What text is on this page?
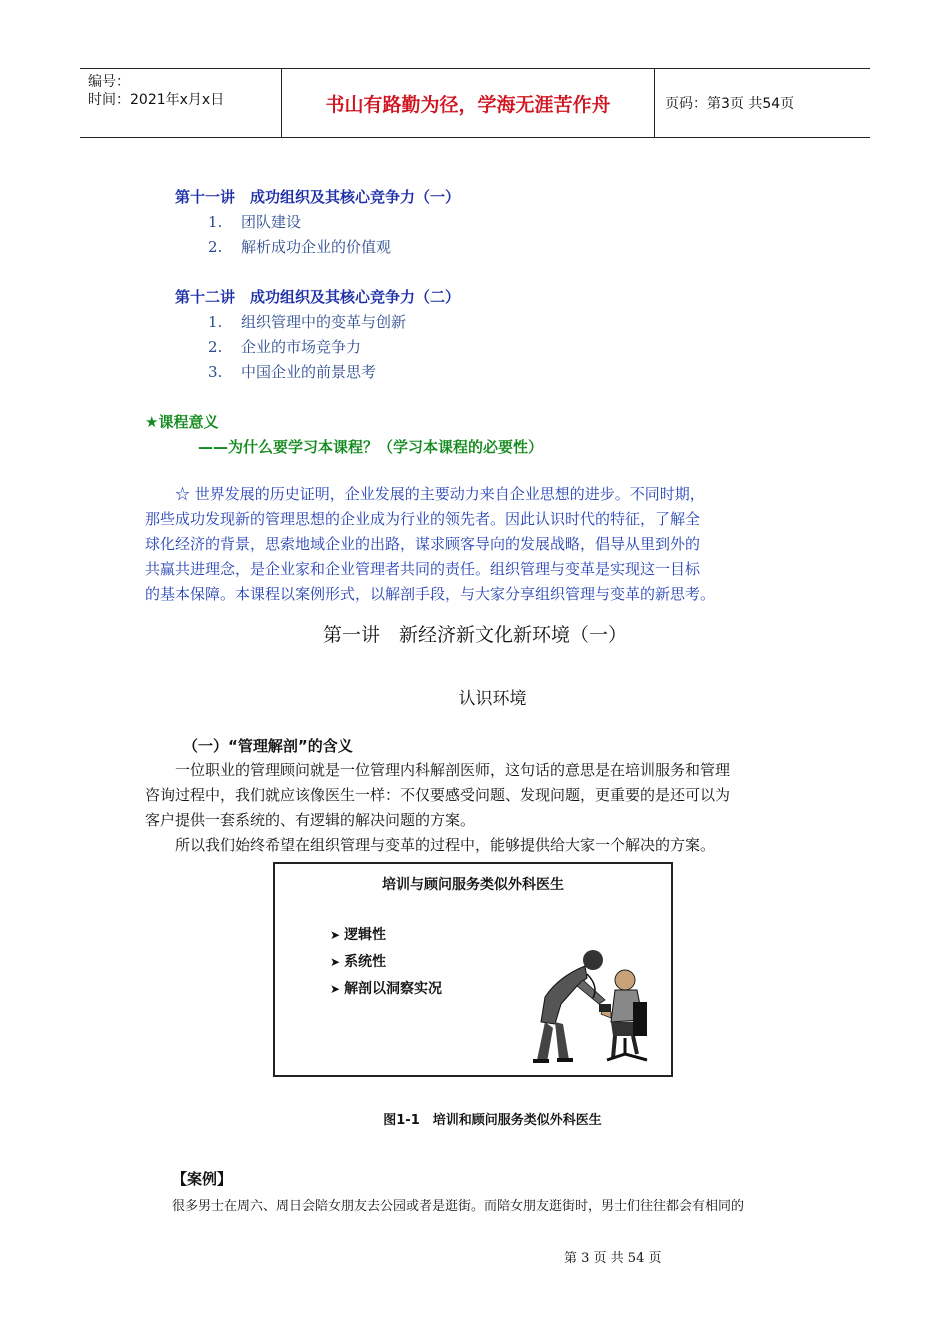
编号：
时间：2021年x月x日	书山有路勤为径，学海无涯苦作舟	页码：第3页 共54页
第十一讲　成功组织及其核心竞争力（一）
1. 团队建设
2. 解析成功企业的价值观
第十二讲　成功组织及其核心竞争力（二）
1. 组织管理中的变革与创新
2. 企业的市场竞争力
3. 中国企业的前景思考
★课程意义
——为什么要学习本课程？（学习本课程的必要性）
☆ 世界发展的历史证明，企业发展的主要动力来自企业思想的进步。不同时期，
那些成功发现新的管理思想的企业成为行业的领先者。因此认识时代的特征，了解全
球化经济的背景，思索地域企业的出路，谋求顾客导向的发展战略，倡导从里到外的
共赢共进理念，是企业家和企业管理者共同的责任。组织管理与变革是实现这一目标
的基本保障。本课程以案例形式，以解剖手段，与大家分享组织管理与变革的新思考。
第一讲　新经济新文化新环境（一）
认识环境
（一）“管理解剖”的含义
一位职业的管理顾问就是一位管理内科解剖医师，这句话的意思是在培训服务和管理
咨询过程中，我们就应该像医生一样：不仅要感受问题、发现问题，更重要的是还可以为
客户提供一套系统的、有逻辑的解决问题的方案。
所以我们始终希望在组织管理与变革的过程中，能够提供给大家一个解决的方案。
培训与顾问服务类似外科医生
➤ 逻辑性
➤ 系统性
➤ 解剖以洞察实况
图1-1　培训和顾问服务类似外科医生
【案例】
很多男士在周六、周日会陪女朋友去公园或者是逛街。而陪女朋友逛街时，男士们往往都会有相同的
第 3 页 共 54 页
